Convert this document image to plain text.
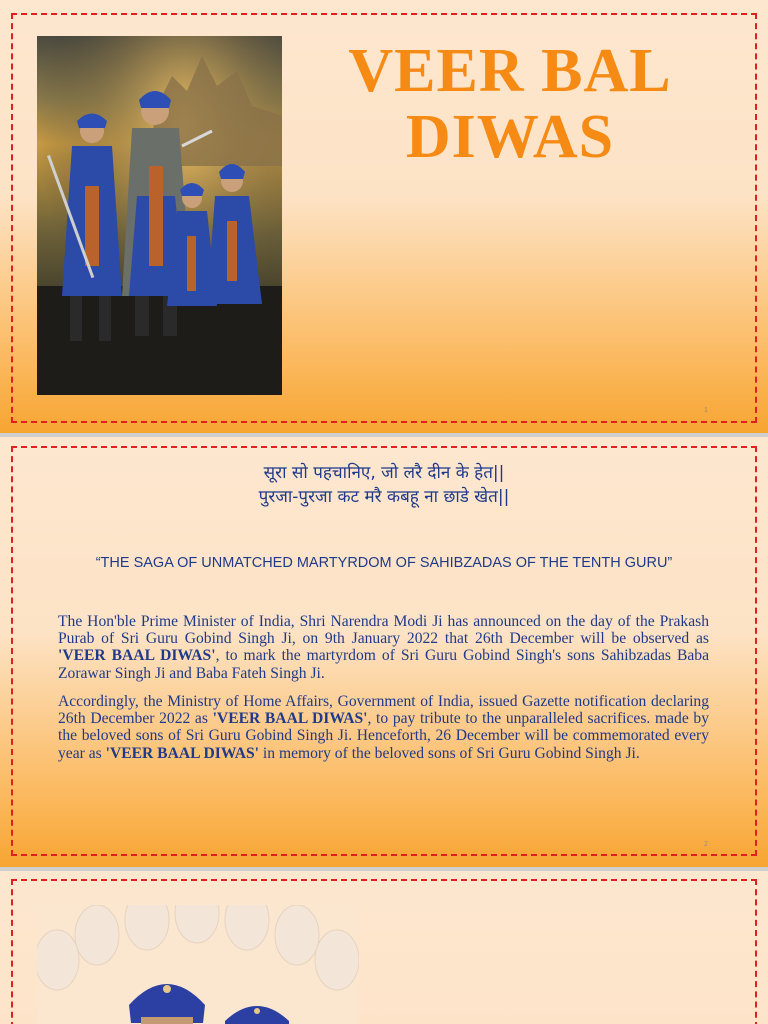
VEER BAL
DIWAS
1
सूरा सो पहचानिए, जो लरै दीन के हेत||
पुरजा-पुरजा कट मरै कबहू ना छाडे खेत||
“THE SAGA OF UNMATCHED MARTYRDOM OF SAHIBZADAS OF THE TENTH GURU”
The Hon'ble Prime Minister of India, Shri Narendra Modi Ji has announced on the day of the Prakash Purab of Sri Guru Gobind Singh Ji, on 9th January 2022 that 26th December will be observed as 'VEER BAAL DIWAS', to mark the martyrdom of Sri Guru Gobind Singh's sons Sahibzadas Baba Zorawar Singh Ji and Baba Fateh Singh Ji.
Accordingly, the Ministry of Home Affairs, Government of India, issued Gazette notification declaring 26th December 2022 as 'VEER BAAL DIWAS', to pay tribute to the unparalleled sacrifices. made by the beloved sons of Sri Guru Gobind Singh Ji. Henceforth, 26 December will be commemorated every year as 'VEER BAAL DIWAS' in memory of the beloved sons of Sri Guru Gobind Singh Ji.
2
